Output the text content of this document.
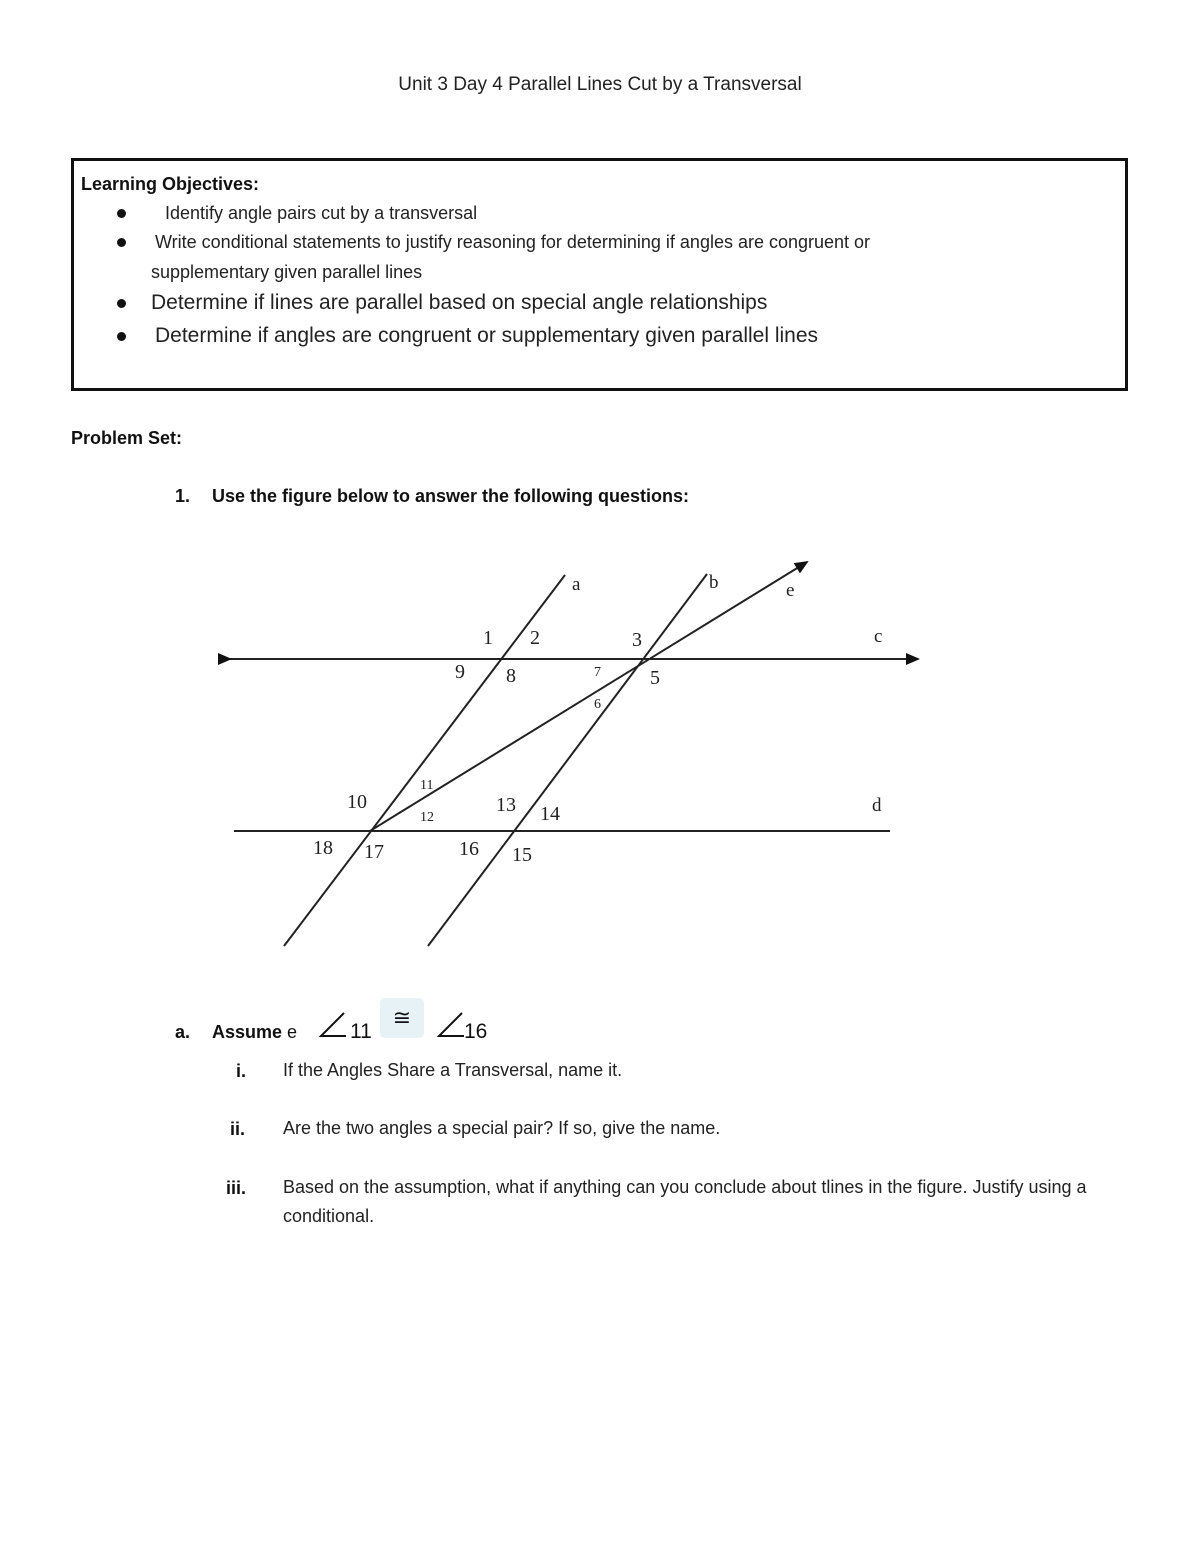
Unit 3 Day 4 Parallel Lines Cut by a Transversal
Learning Objectives:
Identify angle pairs cut by a transversal
Write conditional statements to justify reasoning for determining if angles are congruent or
supplementary given parallel lines
Determine if lines are parallel based on special angle relationships
Determine if angles are congruent or supplementary given parallel lines
Problem Set:
1. Use the figure below to answer the following questions:
a	b	e
c
d
1 2	3
9 8	7 5
6
11
10
12
13 14
18 17	16 15
a. Assume e	11
≅
16
i. If the Angles Share a Transversal, name it.
ii. Are the two angles a special pair? If so, give the name.
iii. Based on the assumption, what if anything can you conclude about tlines in the figure. Justify using a conditional.
